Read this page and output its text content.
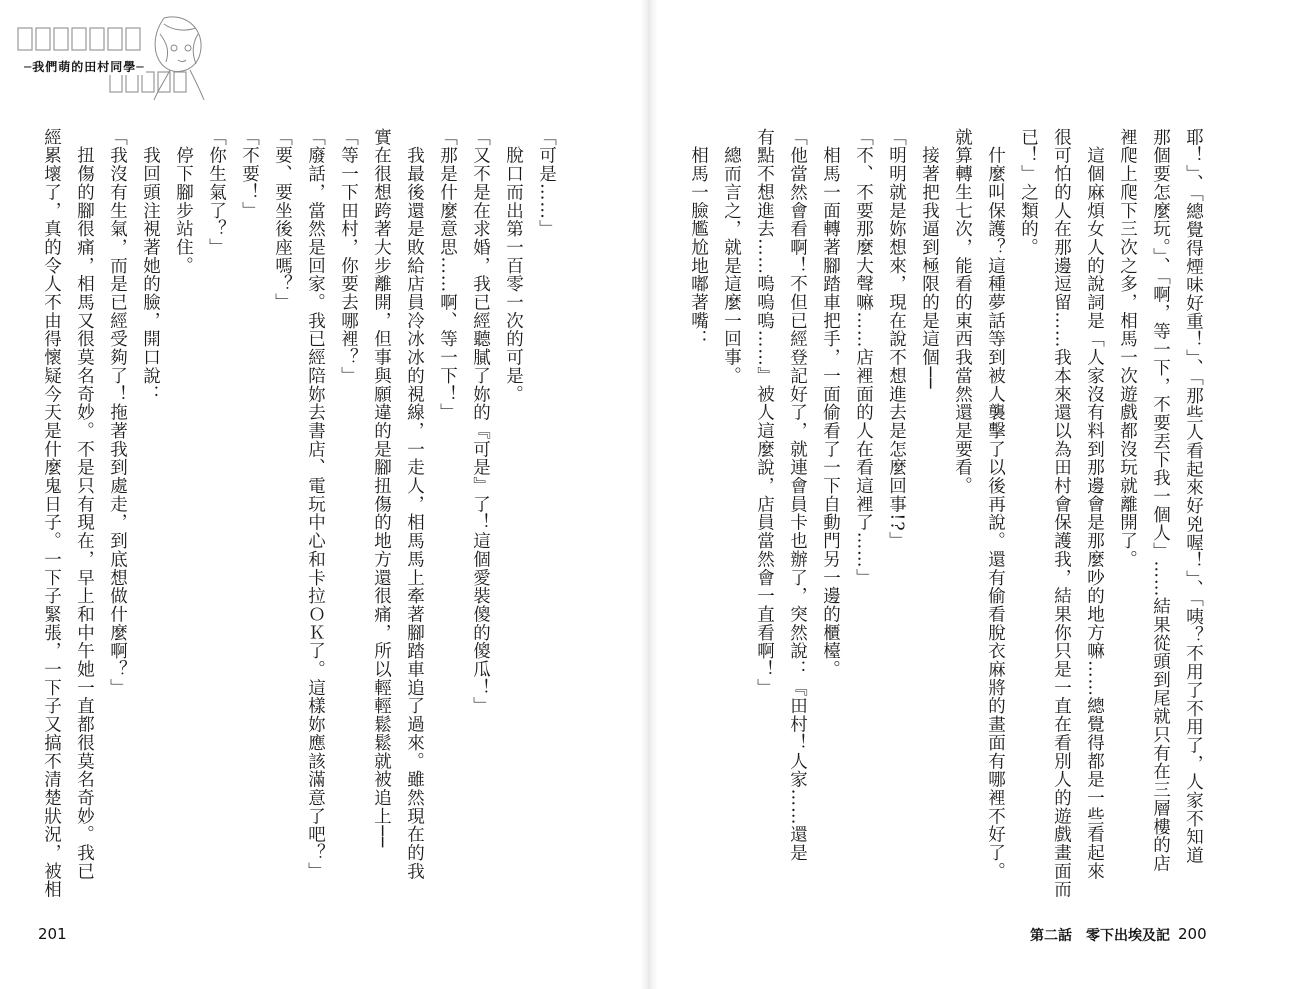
─我們萌的田村同學─
耶！」、「總覺得煙味好重！」、「那些人看起來好兇喔！」、「咦？不用了不用了，人家不知道
那個要怎麼玩。」、「啊，等一下，不要丟下我一個人」……結果從頭到尾就只有在三層樓的店
裡爬上爬下三次之多，相馬一次遊戲都沒玩就離開了。
　這個麻煩女人的說詞是「人家沒有料到那邊會是那麼吵的地方嘛……總覺得都是一些看起來
很可怕的人在那邊逗留……我本來還以為田村會保護我，結果你只是一直在看別人的遊戲畫面而
已！」之類的。
　什麼叫保護？這種夢話等到被人襲擊了以後再說。還有偷看脫衣麻將的畫面有哪裡不好了。
就算轉生七次，能看的東西我當然還是要看。
　接著把我逼到極限的是這個──
「明明就是妳想來，現在說不想進去是怎麼回事!?」
「不、不要那麼大聲嘛……店裡面的人在看這裡了……」
　相馬一面轉著腳踏車把手，一面偷看了一下自動門另一邊的櫃檯。
「他當然會看啊！不但已經登記好了，就連會員卡也辦了，突然說：『田村！人家……還是
有點不想進去……嗚嗚嗚……』被人這麼說，店員當然會一直看啊！」
　總而言之，就是這麼一回事。
　相馬一臉尷尬地嘟著嘴：
第二話　零下出埃及記 200
「可是……」
　脫口而出第一百零一次的可是。
「又不是在求婚，我已經聽膩了妳的『可是』了！這個愛裝傻的傻瓜！」
「那是什麼意思……啊、等一下！」
　我最後還是敗給店員冷冰冰的視線，一走人，相馬馬上牽著腳踏車追了過來。雖然現在的我
實在很想跨著大步離開，但事與願違的是腳扭傷的地方還很痛，所以輕輕鬆鬆就被追上──
「等一下田村，你要去哪裡？」
「廢話，當然是回家。我已經陪妳去書店、電玩中心和卡拉ＯＫ了。這樣妳應該滿意了吧？」
「要、要坐後座嗎？」
「不要！」
「你生氣了？」
　停下腳步站住。
　我回頭注視著她的臉，開口說：
「我沒有生氣，而是已經受夠了！拖著我到處走，到底想做什麼啊？」
　扭傷的腳很痛，相馬又很莫名奇妙。不是只有現在，早上和中午她一直都很莫名奇妙。我已
經累壞了，真的令人不由得懷疑今天是什麼鬼日子。一下子緊張，一下子又搞不清楚狀況，被相
201
